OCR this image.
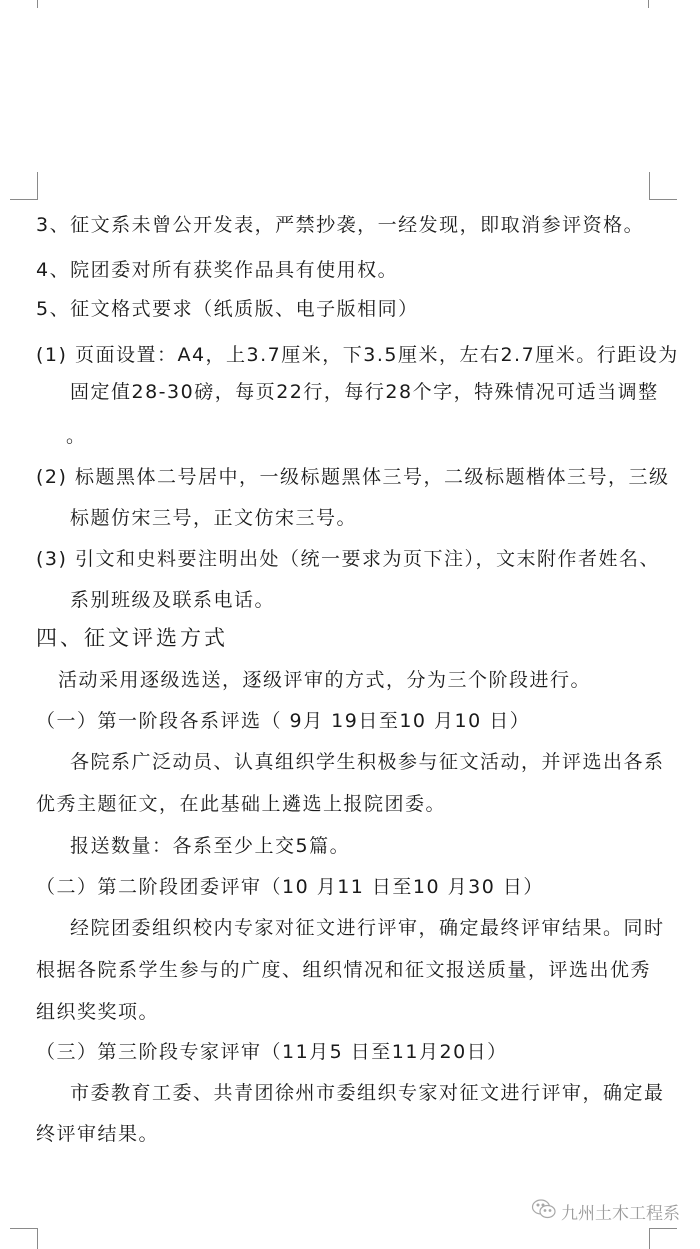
3、征文系未曾公开发表，严禁抄袭，一经发现，即取消参评资格。
4、院团委对所有获奖作品具有使用权。
5、征文格式要求（纸质版、电子版相同）
(1) 页面设置：A4，上3.7厘米，下3.5厘米，左右2.7厘米。行距设为
固定值28-30磅，每页22行，每行28个字，特殊情况可适当调整
。
(2) 标题黑体二号居中，一级标题黑体三号，二级标题楷体三号，三级
标题仿宋三号，正文仿宋三号。
(3) 引文和史料要注明出处（统一要求为页下注），文末附作者姓名、
系别班级及联系电话。
四、征文评选方式
活动采用逐级选送，逐级评审的方式，分为三个阶段进行。
（一）第一阶段各系评选（ 9月 19日至10 月10 日）
各院系广泛动员、认真组织学生积极参与征文活动，并评选出各系
优秀主题征文，在此基础上遴选上报院团委。
报送数量：各系至少上交5篇。
（二）第二阶段团委评审（10 月11 日至10 月30 日）
经院团委组织校内专家对征文进行评审，确定最终评审结果。同时
根据各院系学生参与的广度、组织情况和征文报送质量，评选出优秀
组织奖奖项。
（三）第三阶段专家评审（11月5 日至11月20日）
市委教育工委、共青团徐州市委组织专家对征文进行评审，确定最
终评审结果。
九州土木工程系
